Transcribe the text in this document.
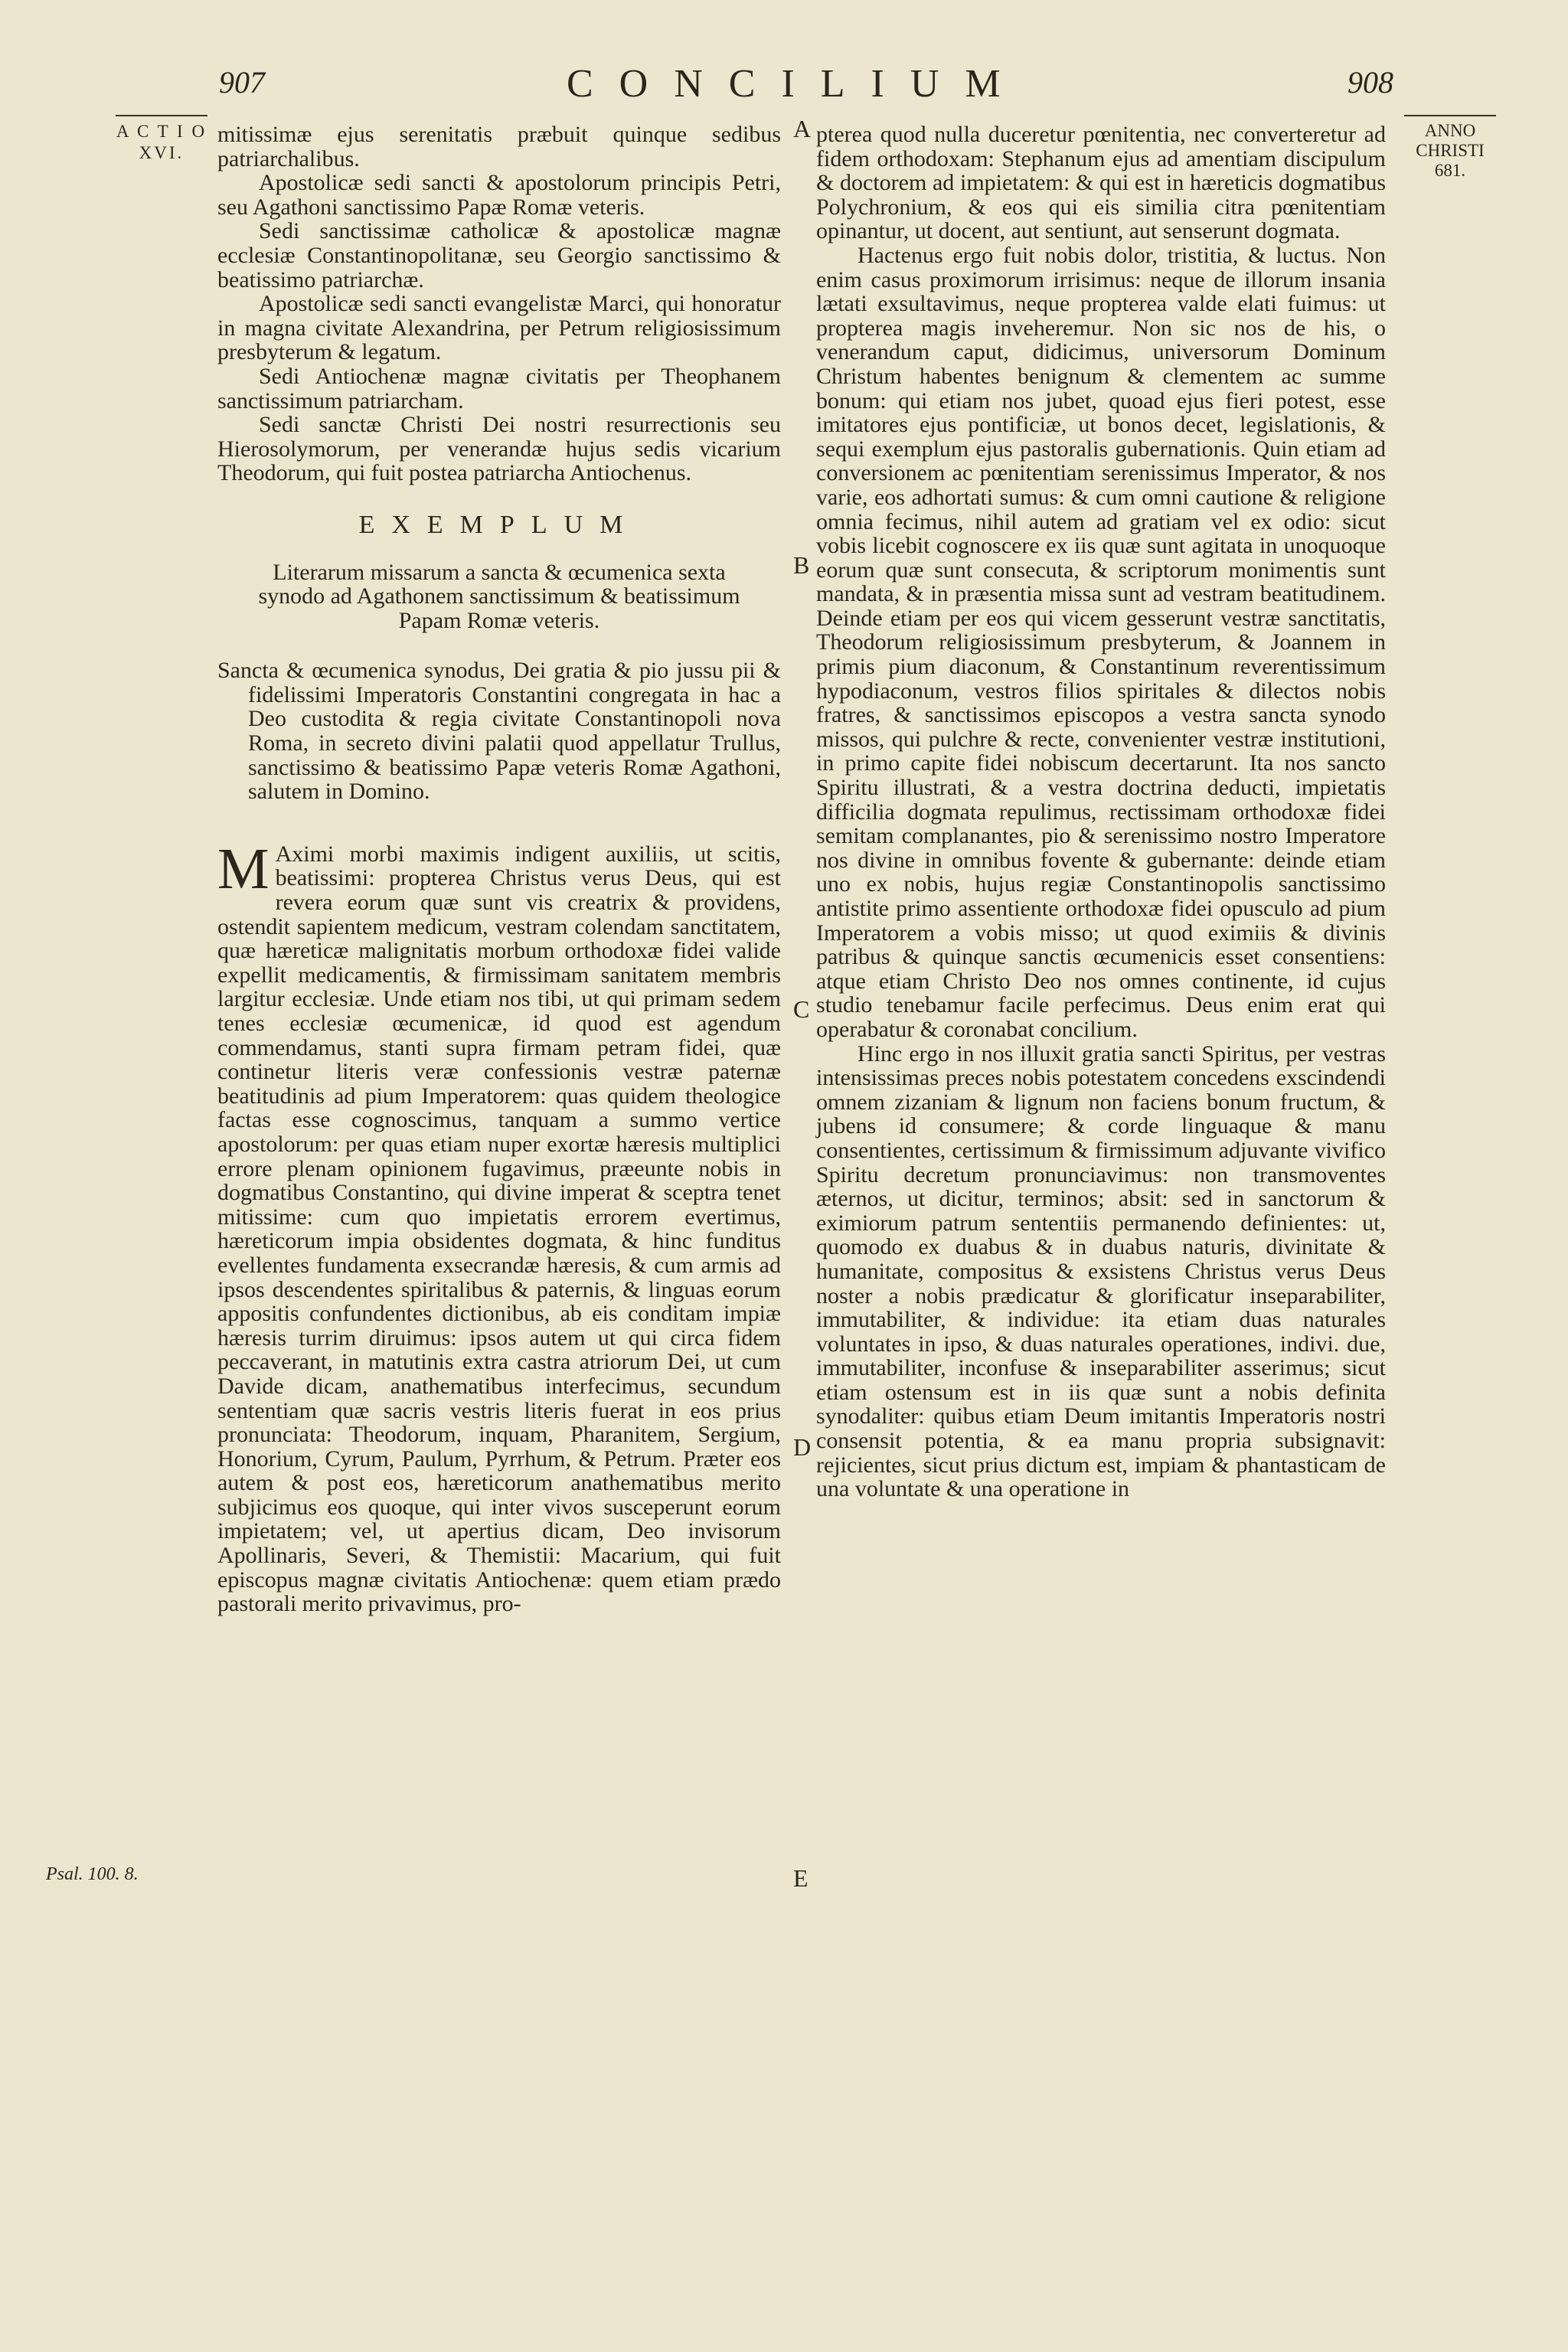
907	CONCILIUM	908
A C T I O
XVI.
ANNO
CHRISTI
681.
Psal. 100. 8.
A
B
C
D
E

mitissimæ ejus serenitatis præbuit quinque sedibus patriarchalibus.

Apostolicæ sedi sancti & apostolorum principis Petri, seu Agathoni sanctissimo Papæ Romæ veteris.

Sedi sanctissimæ catholicæ & apostolicæ magnæ ecclesiæ Constantinopolitanæ, seu Georgio sanctissimo & beatissimo patriarchæ.

Apostolicæ sedi sancti evangelistæ Marci, qui honoratur in magna civitate Alexandrina, per Petrum religiosissimum presbyterum & legatum.

Sedi Antiochenæ magnæ civitatis per Theophanem sanctissimum patriarcham.

Sedi sanctæ Christi Dei nostri resurrectionis seu Hierosolymorum, per venerandæ hujus sedis vicarium Theodorum, qui fuit postea patriarcha Antiochenus.

EXEMPLUM

Literarum missarum a sancta & œcumenica sexta synodo ad Agathonem sanctissimum & beatissimum Papam Romæ veteris.

Sancta & œcumenica synodus, Dei gratia & pio jussu pii & fidelissimi Imperatoris Constantini congregata in hac a Deo custodita & regia civitate Constantinopoli nova Roma, in secreto divini palatii quod appellatur Trullus, sanctissimo & beatissimo Papæ veteris Romæ Agathoni, salutem in Domino.

M Aximi morbi maximis indigent auxiliis, ut scitis, beatissimi: propterea Christus verus Deus, qui est revera eorum quæ sunt vis creatrix & providens, ostendit sapientem medicum, vestram colendam sanctitatem, quæ hæreticæ malignitatis morbum orthodoxæ fidei valide expellit medicamentis, & firmissimam sanitatem membris largitur ecclesiæ. Unde etiam nos tibi, ut qui primam sedem tenes ecclesiæ œcumenicæ, id quod est agendum commendamus, stanti supra firmam petram fidei, quæ continetur literis veræ confessionis vestræ paternæ beatitudinis ad pium Imperatorem: quas quidem theologice factas esse cognoscimus, tanquam a summo vertice apostolorum: per quas etiam nuper exortæ hæresis multiplici errore plenam opinionem fugavimus, præeunte nobis in dogmatibus Constantino, qui divine imperat & sceptra tenet mitissime: cum quo impietatis errorem evertimus, hæreticorum impia obsidentes dogmata, & hinc funditus evellentes fundamenta exsecrandæ hæresis, & cum armis ad ipsos descendentes spiritalibus & paternis, & linguas eorum appositis confundentes dictionibus, ab eis conditam impiæ hæresis turrim diruimus: ipsos autem ut qui circa fidem peccaverant, in matutinis extra castra atriorum Dei, ut cum Davide dicam, anathematibus interfecimus, secundum sententiam quæ sacris vestris literis fuerat in eos prius pronunciata: Theodorum, inquam, Pharanitem, Sergium, Honorium, Cyrum, Paulum, Pyrrhum, & Petrum. Præter eos autem & post eos, hæreticorum anathematibus merito subjicimus eos quoque, qui inter vivos susceperunt eorum impietatem; vel, ut apertius dicam, Deo invisorum Apollinaris, Severi, & Themistii: Macarium, qui fuit episcopus magnæ civitatis Antiochenæ: quem etiam prædo pastorali merito privavimus, pro-

pterea quod nulla duceretur pœnitentia, nec converteretur ad fidem orthodoxam: Stephanum ejus ad amentiam discipulum & doctorem ad impietatem: & qui est in hæreticis dogmatibus Polychronium, & eos qui eis similia citra pœnitentiam opinantur, ut docent, aut sentiunt, aut senserunt dogmata.

Hactenus ergo fuit nobis dolor, tristitia, & luctus. Non enim casus proximorum irrisimus: neque de illorum insania lætati exsultavimus, neque propterea valde elati fuimus: ut propterea magis inveheremur. Non sic nos de his, o venerandum caput, didicimus, universorum Dominum Christum habentes benignum & clementem ac summe bonum: qui etiam nos jubet, quoad ejus fieri potest, esse imitatores ejus pontificiæ, ut bonos decet, legislationis, & sequi exemplum ejus pastoralis gubernationis. Quin etiam ad conversionem ac pœnitentiam serenissimus Imperator, & nos varie, eos adhortati sumus: & cum omni cautione & religione omnia fecimus, nihil autem ad gratiam vel ex odio: sicut vobis licebit cognoscere ex iis quæ sunt agitata in unoquoque eorum quæ sunt consecuta, & scriptorum monimentis sunt mandata, & in præsentia missa sunt ad vestram beatitudinem. Deinde etiam per eos qui vicem gesserunt vestræ sanctitatis, Theodorum religiosissimum presbyterum, & Joannem in primis pium diaconum, & Constantinum reverentissimum hypodiaconum, vestros filios spiritales & dilectos nobis fratres, & sanctissimos episcopos a vestra sancta synodo missos, qui pulchre & recte, convenienter vestræ institutioni, in primo capite fidei nobiscum decertarunt. Ita nos sancto Spiritu illustrati, & a vestra doctrina deducti, impietatis difficilia dogmata repulimus, rectissimam orthodoxæ fidei semitam complanantes, pio & serenissimo nostro Imperatore nos divine in omnibus fovente & gubernante: deinde etiam uno ex nobis, hujus regiæ Constantinopolis sanctissimo antistite primo assentiente orthodoxæ fidei opusculo ad pium Imperatorem a vobis misso; ut quod eximiis & divinis patribus & quinque sanctis œcumenicis esset consentiens: atque etiam Christo Deo nos omnes continente, id cujus studio tenebamur facile perfecimus. Deus enim erat qui operabatur & coronabat concilium.

Hinc ergo in nos illuxit gratia sancti Spiritus, per vestras intensissimas preces nobis potestatem concedens exscindendi omnem zizaniam & lignum non faciens bonum fructum, & jubens id consumere; & corde linguaque & manu consentientes, certissimum & firmissimum adjuvante vivifico Spiritu decretum pronunciavimus: non transmoventes æternos, ut dicitur, terminos; absit: sed in sanctorum & eximiorum patrum sententiis permanendo definientes: ut, quomodo ex duabus & in duabus naturis, divinitate & humanitate, compositus & exsistens Christus verus Deus noster a nobis prædicatur & glorificatur inseparabiliter, immutabiliter, & individue: ita etiam duas naturales voluntates in ipso, & duas naturales operationes, indivi. due, immutabiliter, inconfuse & inseparabiliter asserimus; sicut etiam ostensum est in iis quæ sunt a nobis definita synodaliter: quibus etiam Deum imitantis Imperatoris nostri consensit potentia, & ea manu propria subsignavit: rejicientes, sicut prius dictum est, impiam & phantasticam de una voluntate & una operatione in
